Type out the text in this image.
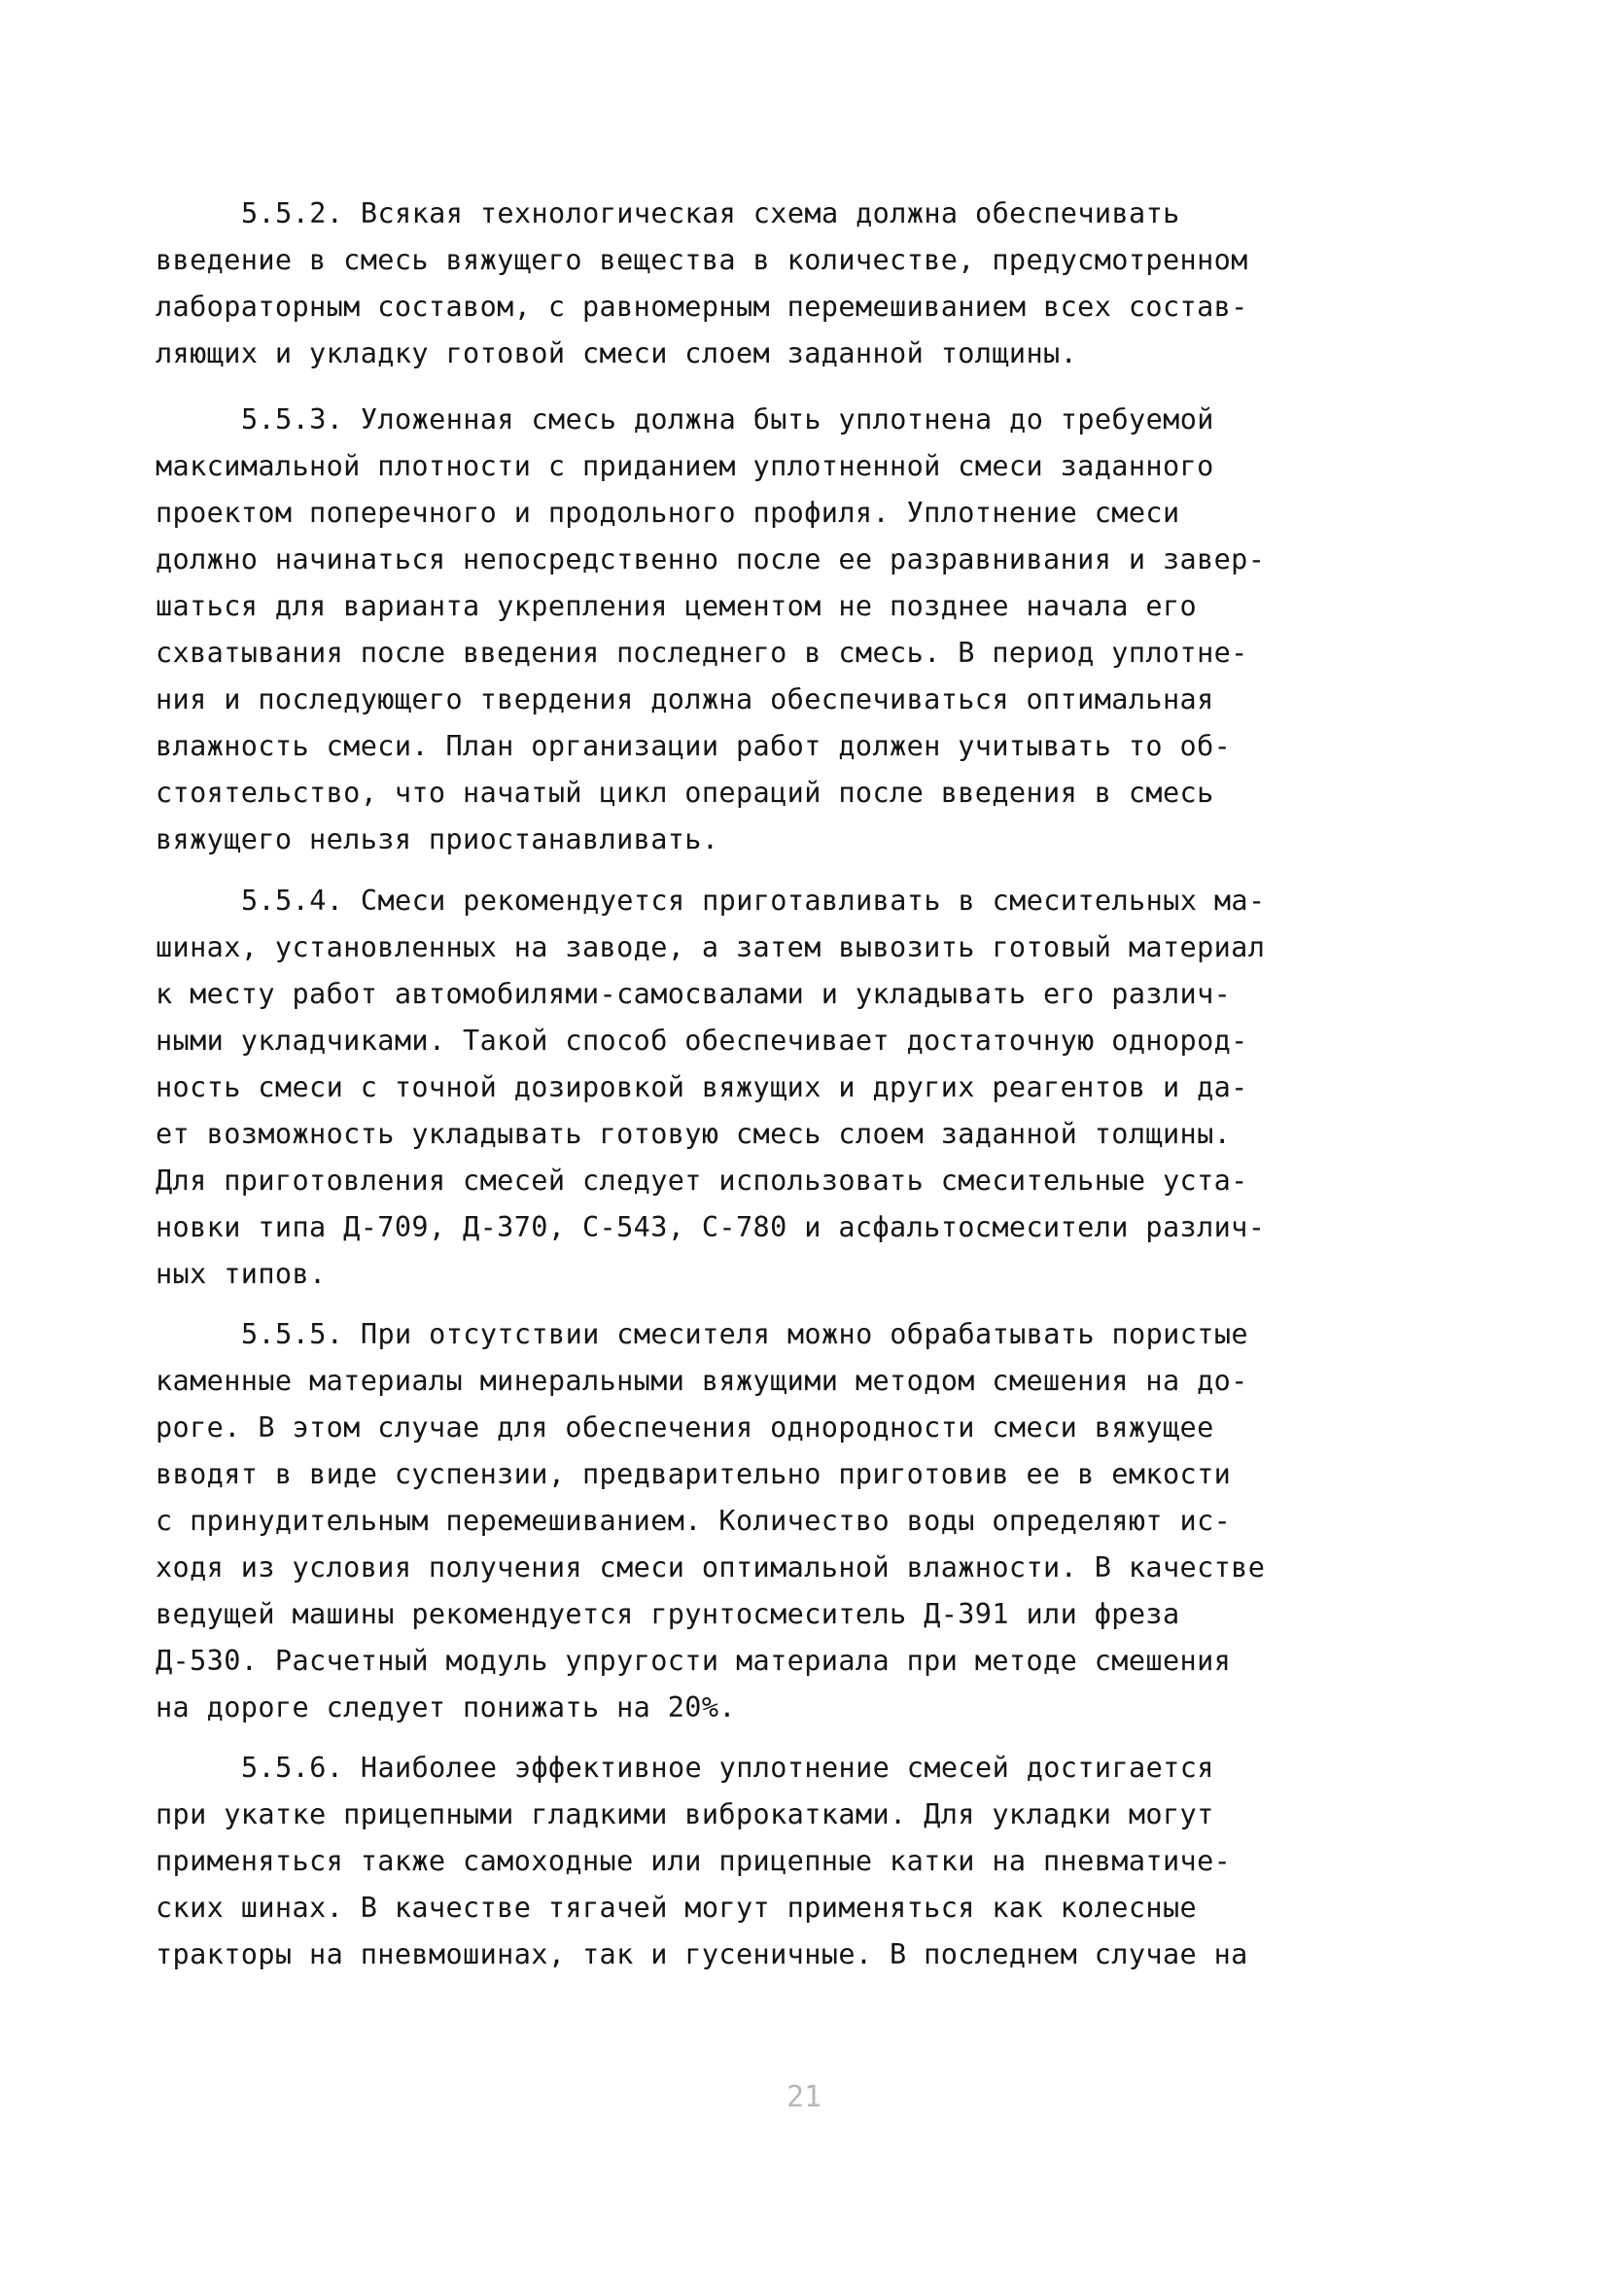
5.5.2. Всякая технологическая схема должна обеспечивать
введение в смесь вяжущего вещества в количестве, предусмотренном
лабораторным составом, с равномерным перемешиванием всех состав-
ляющих и укладку готовой смеси слоем заданной толщины.
5.5.3. Уложенная смесь должна быть уплотнена до требуемой
максимальной плотности с приданием уплотненной смеси заданного
проектом поперечного и продольного профиля. Уплотнение смеси
должно начинаться непосредственно после ее разравнивания и завер-
шаться для варианта укрепления цементом не позднее начала его
схватывания после введения последнего в смесь. В период уплотне-
ния и последующего твердения должна обеспечиваться оптимальная
влажность смеси. План организации работ должен учитывать то об-
стоятельство, что начатый цикл операций после введения в смесь
вяжущего нельзя приостанавливать.
5.5.4. Смеси рекомендуется приготавливать в смесительных ма-
шинах, установленных на заводе, а затем вывозить готовый материал
к месту работ автомобилями-самосвалами и укладывать его различ-
ными укладчиками. Такой способ обеспечивает достаточную однород-
ность смеси с точной дозировкой вяжущих и других реагентов и да-
ет возможность укладывать готовую смесь слоем заданной толщины.
Для приготовления смесей следует использовать смесительные уста-
новки типа Д-709, Д-370, С-543, С-780 и асфальтосмесители различ-
ных типов.
5.5.5. При отсутствии смесителя можно обрабатывать пористые
каменные материалы минеральными вяжущими методом смешения на до-
роге. В этом случае для обеспечения однородности смеси вяжущее
вводят в виде суспензии, предварительно приготовив ее в емкости
с принудительным перемешиванием. Количество воды определяют ис-
ходя из условия получения смеси оптимальной влажности. В качестве
ведущей машины рекомендуется грунтосмеситель Д-391 или фреза
Д-530. Расчетный модуль упругости материала при методе смешения
на дороге следует понижать на 20%.
5.5.6. Наиболее эффективное уплотнение смесей достигается
при укатке прицепными гладкими виброкатками. Для укладки могут
применяться также самоходные или прицепные катки на пневматиче-
ских шинах. В качестве тягачей могут применяться как колесные
тракторы на пневмошинах, так и гусеничные. В последнем случае на
21
